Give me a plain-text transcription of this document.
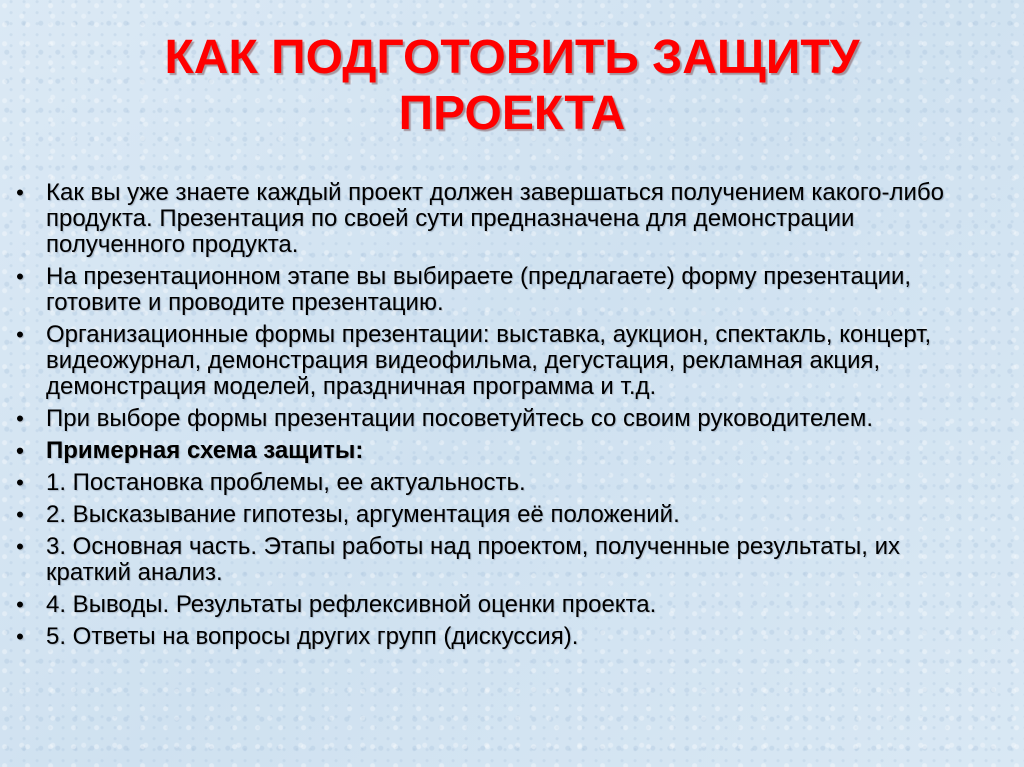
КАК ПОДГОТОВИТЬ ЗАЩИТУ
ПРОЕКТА
• Как вы уже знаете каждый проект должен завершаться получением какого-либо продукта. Презентация по своей сути предназначена для демонстрации полученного продукта.
• На презентационном этапе вы выбираете (предлагаете) форму презентации, готовите и проводите презентацию.
• Организационные формы презентации: выставка, аукцион, спектакль, концерт, видеожурнал, демонстрация видеофильма, дегустация, рекламная акция, демонстрация моделей, праздничная программа и т.д.
• При выборе формы презентации посоветуйтесь со своим руководителем.
• Примерная схема защиты:
• 1. Постановка проблемы, ее актуальность.
• 2. Высказывание гипотезы, аргументация её положений.
• 3. Основная часть. Этапы работы над проектом, полученные результаты, их краткий анализ.
• 4. Выводы. Результаты рефлексивной оценки проекта.
• 5. Ответы на вопросы других групп (дискуссия).
